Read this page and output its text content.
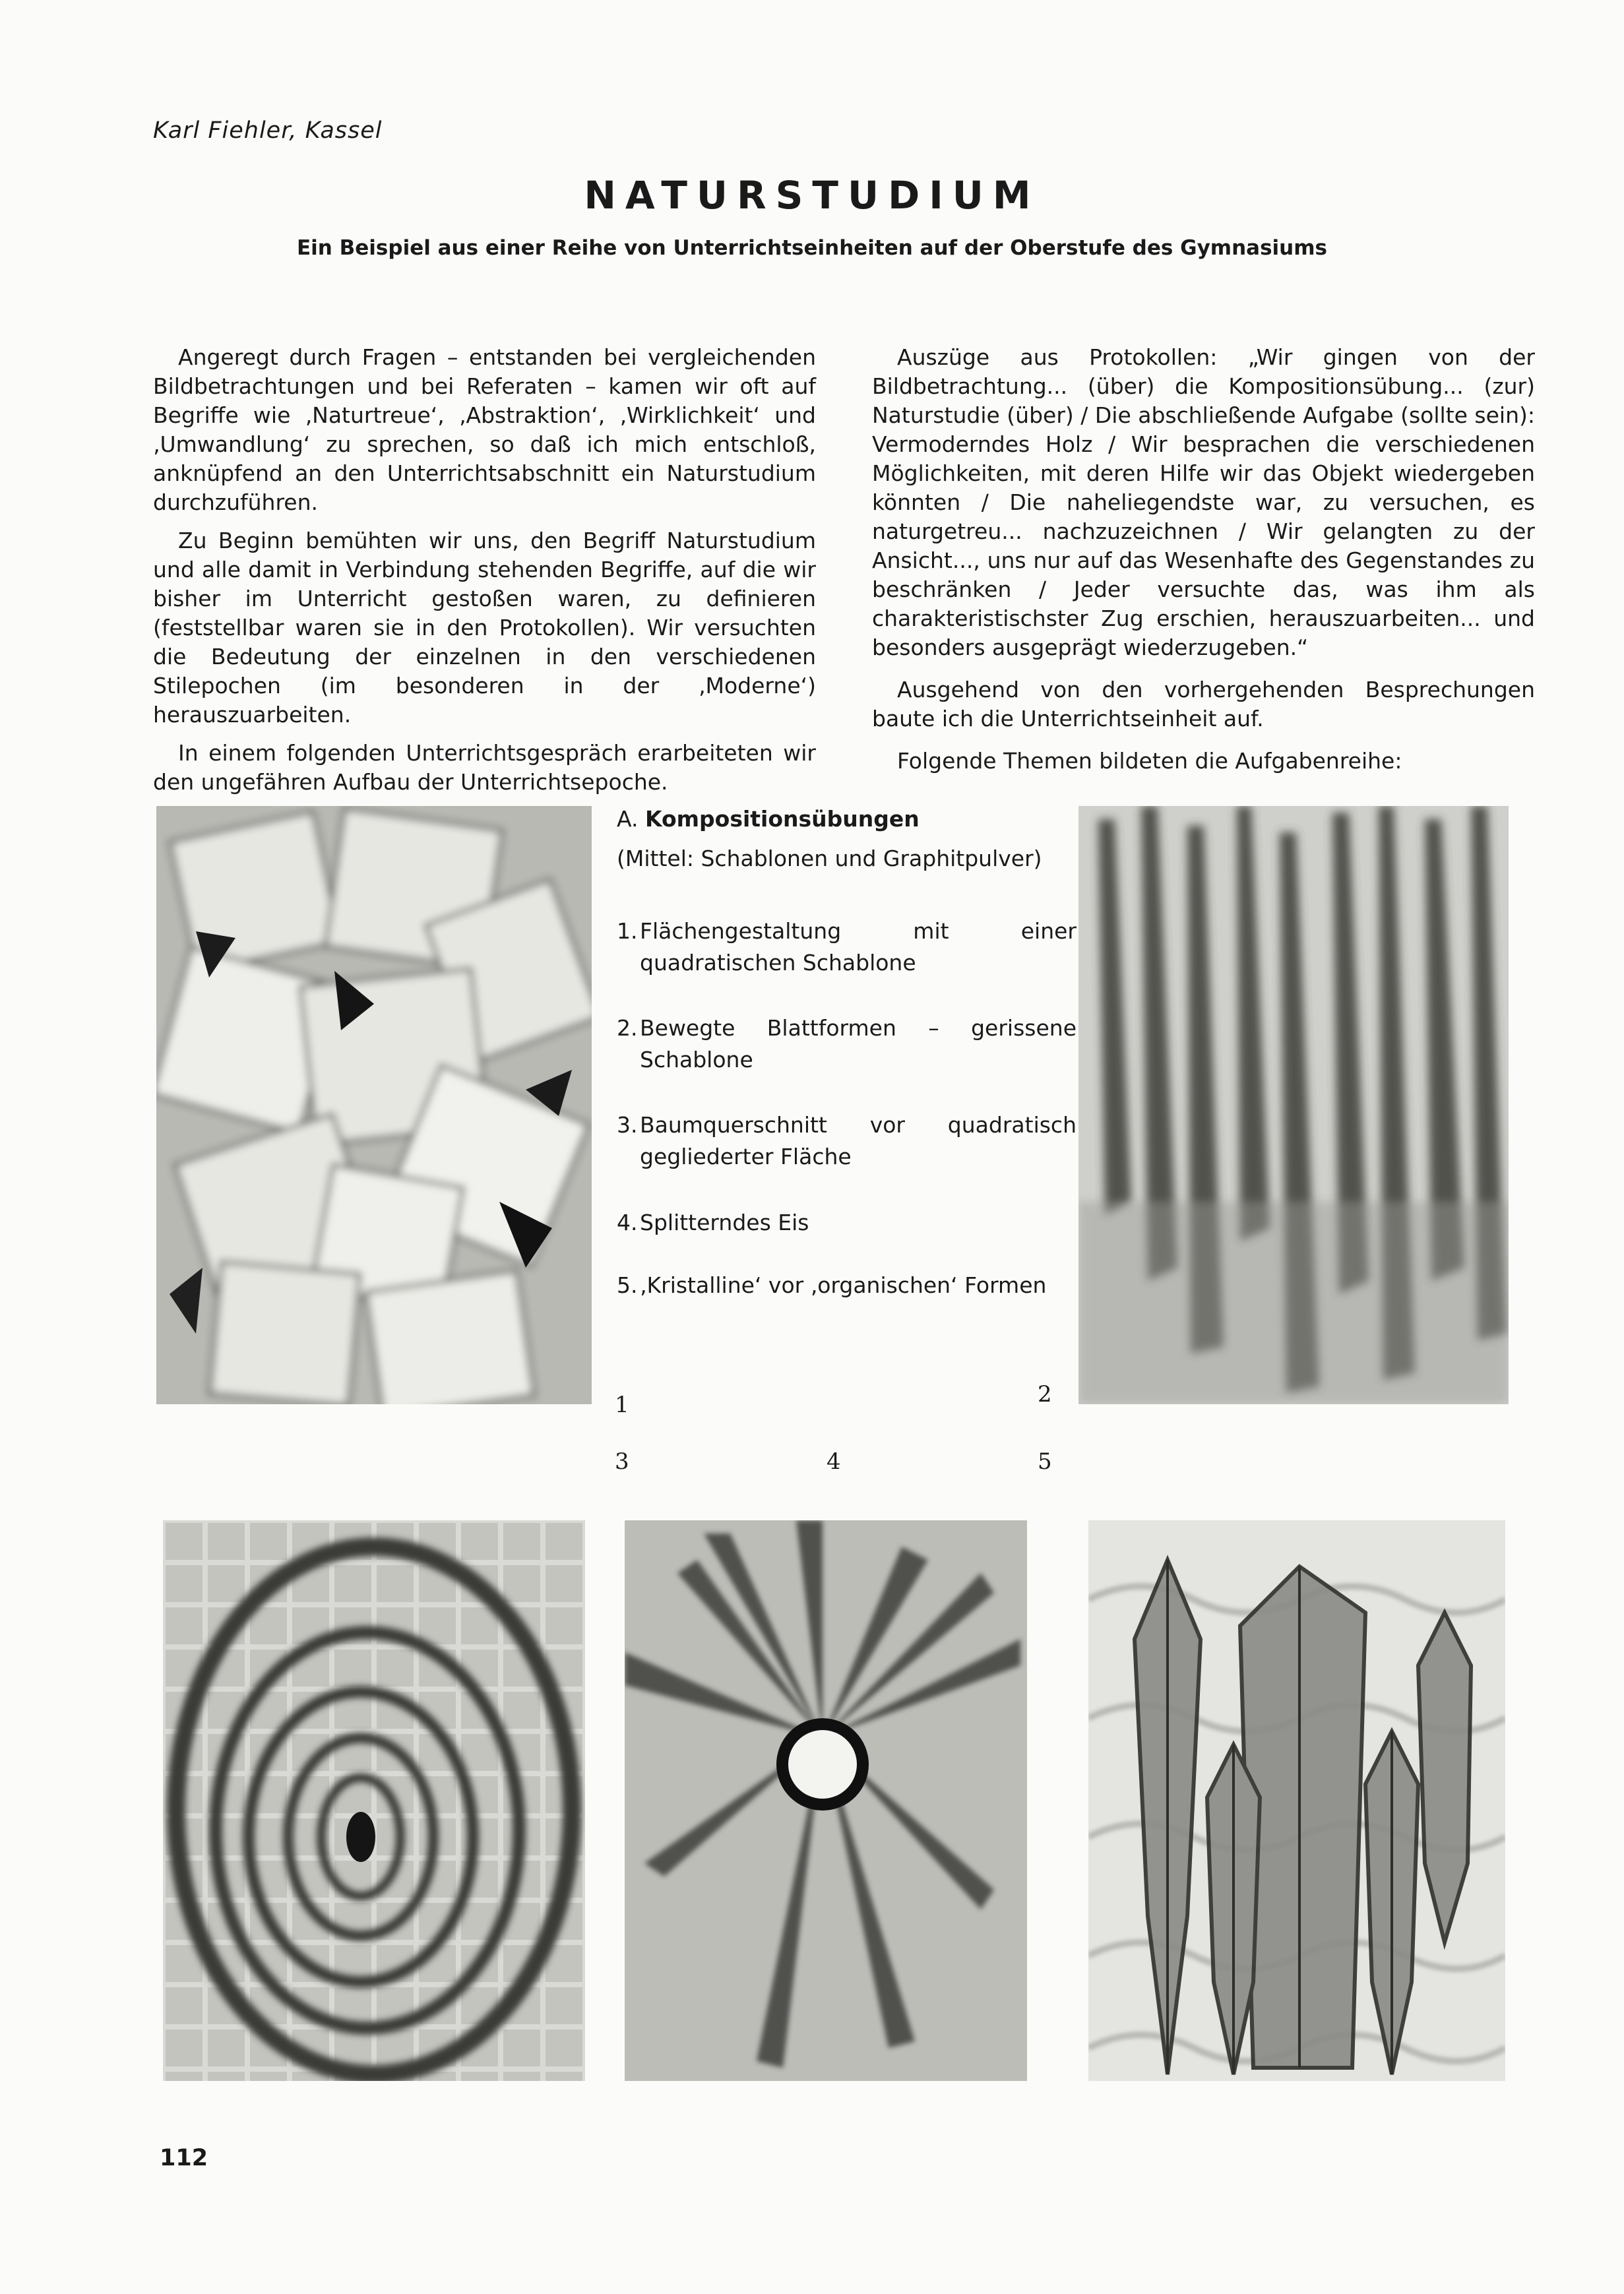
Karl Fiehler, Kassel
NATURSTUDIUM
Ein Beispiel aus einer Reihe von Unterrichtseinheiten auf der Oberstufe des Gymnasiums

Angeregt durch Fragen – entstanden bei vergleichenden Bildbetrachtungen und bei Referaten – kamen wir oft auf Begriffe wie ‚Naturtreue‘, ‚Abstraktion‘, ‚Wirklichkeit‘ und ‚Umwandlung‘ zu sprechen, so daß ich mich entschloß, anknüpfend an den Unterrichtsabschnitt ein Naturstudium durchzuführen.

Zu Beginn bemühten wir uns, den Begriff Naturstudium und alle damit in Verbindung stehenden Begriffe, auf die wir bisher im Unterricht gestoßen waren, zu definieren (feststellbar waren sie in den Protokollen). Wir versuchten die Bedeutung der einzelnen in den verschiedenen Stilepochen (im besonderen in der ‚Moderne‘) herauszuarbeiten.

In einem folgenden Unterrichtsgespräch erarbeiteten wir den ungefähren Aufbau der Unterrichtsepoche.

Auszüge aus Protokollen: „Wir gingen von der Bildbetrachtung... (über) die Kompositionsübung... (zur) Naturstudie (über) / Die abschließende Aufgabe (sollte sein): Vermoderndes Holz / Wir besprachen die verschiedenen Möglichkeiten, mit deren Hilfe wir das Objekt wiedergeben könnten / Die naheliegendste war, zu versuchen, es naturgetreu... nachzuzeichnen / Wir gelangten zu der Ansicht..., uns nur auf das Wesenhafte des Gegenstandes zu beschränken / Jeder versuchte das, was ihm als charakteristischster Zug erschien, herauszuarbeiten... und besonders ausgeprägt wiederzugeben.“

Ausgehend von den vorhergehenden Besprechungen baute ich die Unterrichtseinheit auf.

Folgende Themen bildeten die Aufgabenreihe:

A. Kompositionsübungen
(Mittel: Schablonen und Graphitpulver)
1. Flächengestaltung mit einer quadratischen Schablone
2. Bewegte Blattformen – gerissene Schablone
3. Baumquerschnitt vor quadratisch gegliederter Fläche
4. Splitterndes Eis
5. ‚Kristalline‘ vor ‚organischen‘ Formen
1	2
3	4	5
112
